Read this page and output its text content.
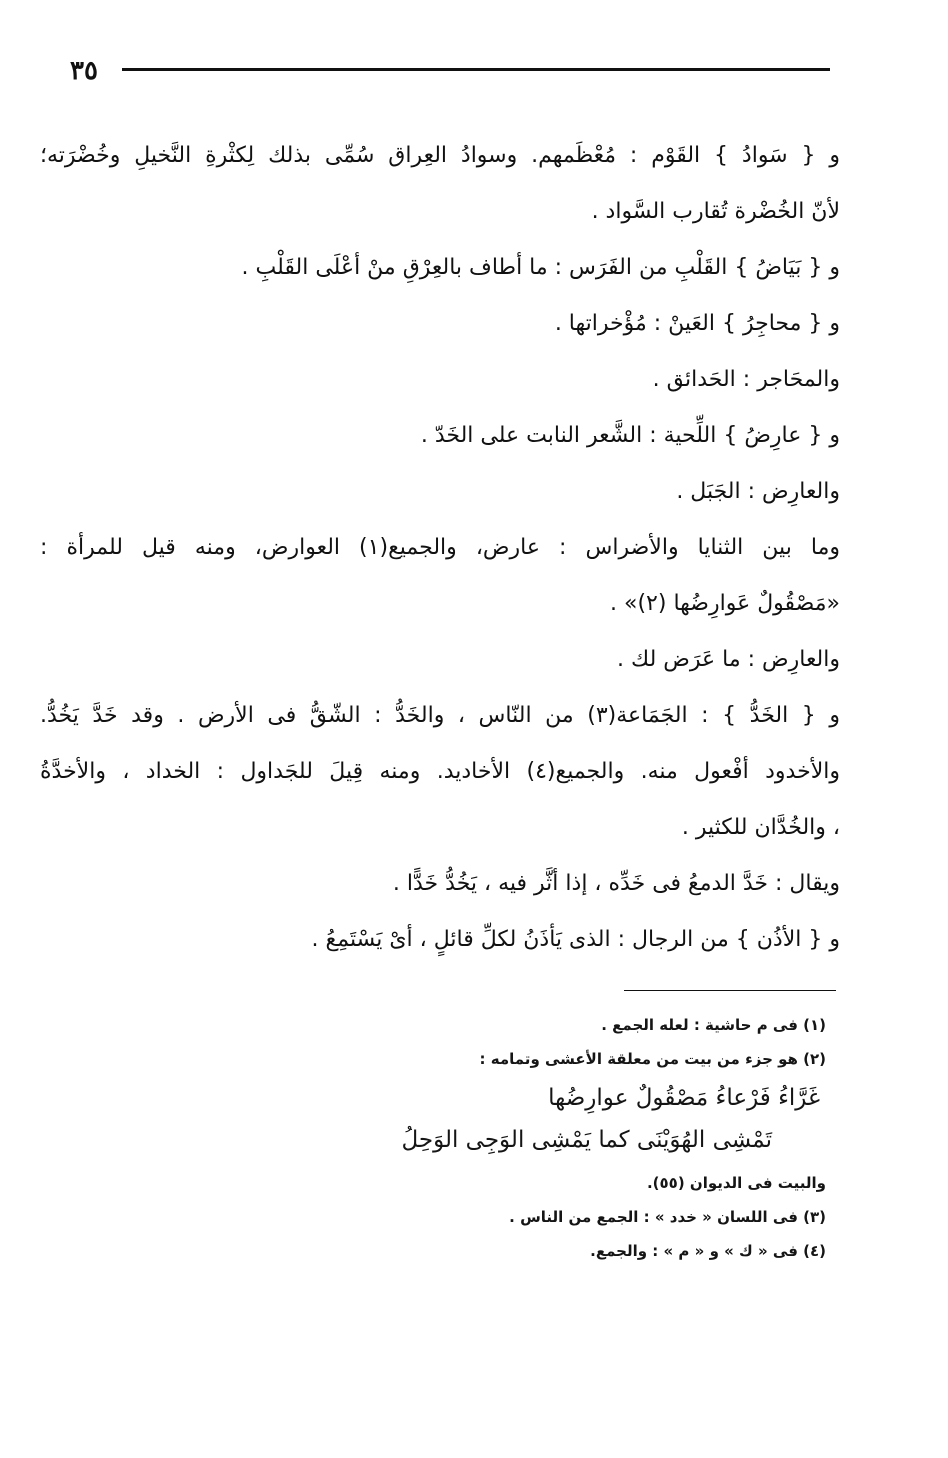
٣٥

و { سَوادُ } القَوْم : مُعْظَمهم. وسوادُ العِراق سُمِّى بذلك لِكثْرةِ النَّخيلِ وخُضْرَته؛
لأنّ الخُضْرة تُقارب السَّواد .

و { بَيَاضُ } القَلْبِ من الفَرَس : ما أطاف بالعِرْقِ منْ أعْلَى القَلْبِ .

و { محاجِرُ } العَينْ : مُؤْخراتها .

والمحَاجر : الحَدائق .

و { عارِضُ } اللِّحية : الشَّعر النابت على الخَدّ .

والعارِض : الجَبَل .

وما بين الثنايا والأضراس : عارض، والجميع(١) العوارض، ومنه قيل للمرأة :
«مَصْقُولٌ عَوارِضُها (٢)» .

والعارِض : ما عَرَض لك .

و { الخَدُّ } : الجَمَاعة(٣) من النّاس ، والخَدُّ : الشّقُّ فى الأرض . وقد خَدَّ يَخُدُّ.
والأخدود أفْعول منه. والجميع(٤) الأخاديد. ومنه قِيلَ للجَداول : الخداد ، والأخدَّةُ
، والخُدَّان للكثير .

ويقال : خَدَّ الدمعُ فى خَدِّه ، إذا أثَّر فيه ، يَخُدُّ خَدًّا .

و { الأذُن } من الرجال : الذى يَأذَنُ لكلِّ قائلٍ ، أىْ يَسْتَمِعُ .

(١) فى م حاشية : لعله الجمع .

(٢) هو جزء من بيت من معلقة الأعشى وتمامه :

غَرَّاءُ فَرْعاءُ مَصْقُولٌ عوارِضُها

تَمْشِى الهُوَيْنَى كما يَمْشِى الوَجِى الوَحِلُ

والبيت فى الديوان (٥٥).

(٣) فى اللسان « خدد » : الجمع من الناس .

(٤) فى « ك » و « م » : والجمع.
